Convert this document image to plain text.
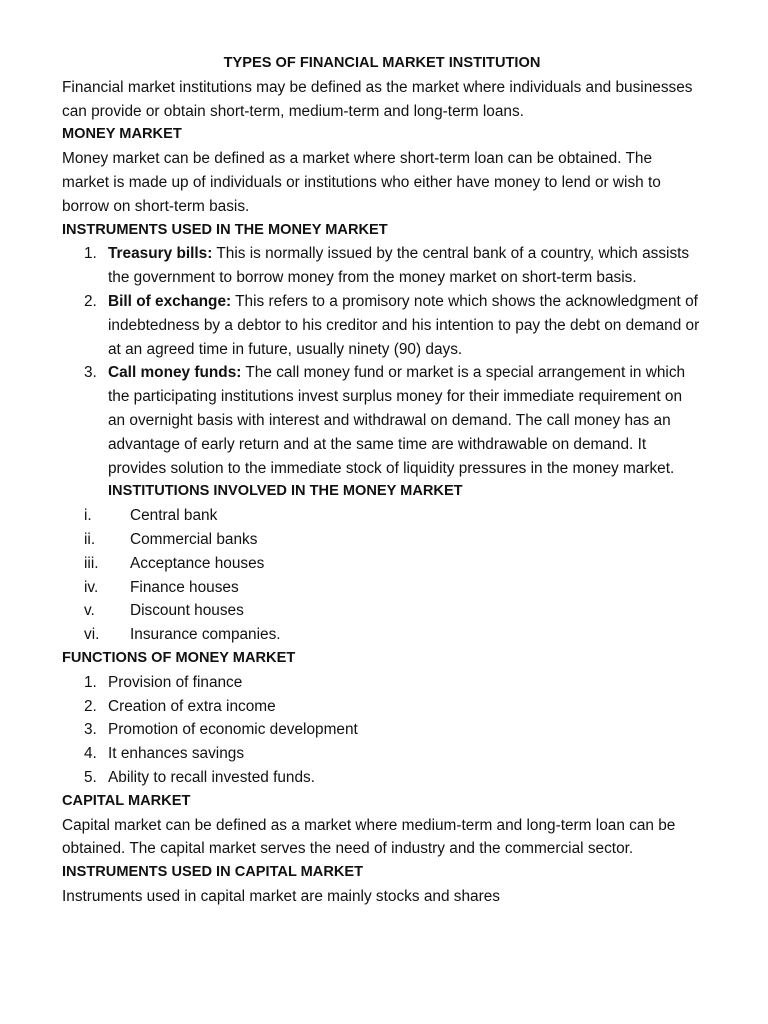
TYPES OF FINANCIAL MARKET INSTITUTION

Financial market institutions may be defined as the market where individuals and businesses can provide or obtain short-term, medium-term and long-term loans.

MONEY MARKET

Money market can be defined as a market where short-term loan can be obtained. The market is made up of individuals or institutions who either have money to lend or wish to borrow on short-term basis.

INSTRUMENTS USED IN THE MONEY MARKET
1. Treasury bills: This is normally issued by the central bank of a country, which assists the government to borrow money from the money market on short-term basis.
2. Bill of exchange: This refers to a promisory note which shows the acknowledgment of indebtedness by a debtor to his creditor and his intention to pay the debt on demand or at an agreed time in future, usually ninety (90) days.
3. Call money funds: The call money fund or market is a special arrangement in which the participating institutions invest surplus money for their immediate requirement on an overnight basis with interest and withdrawal on demand. The call money has an advantage of early return and at the same time are withdrawable on demand. It provides solution to the immediate stock of liquidity pressures in the money market.
INSTITUTIONS INVOLVED IN THE MONEY MARKET
i. Central bank
ii. Commercial banks
iii. Acceptance houses
iv. Finance houses
v. Discount houses
vi. Insurance companies.
FUNCTIONS OF MONEY MARKET
1. Provision of finance
2. Creation of extra income
3. Promotion of economic development
4. It enhances savings
5. Ability to recall invested funds.
CAPITAL MARKET

Capital market can be defined as a market where medium-term and long-term loan can be obtained. The capital market serves the need of industry and the commercial sector.

INSTRUMENTS USED IN CAPITAL MARKET

Instruments used in capital market are mainly stocks and shares
